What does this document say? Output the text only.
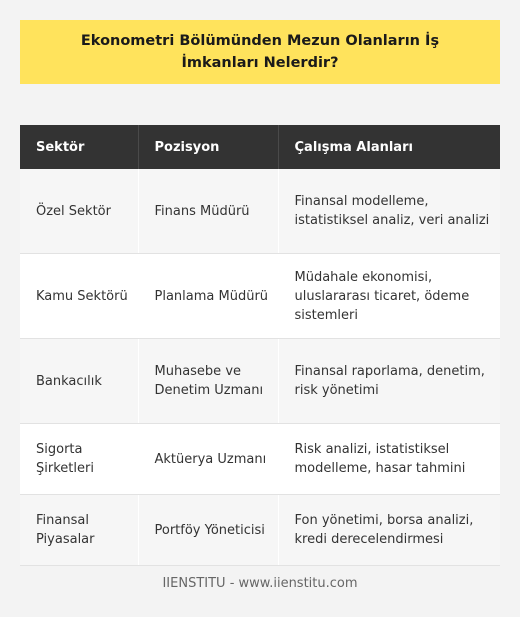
Ekonometri Bölümünden Mezun Olanların İş İmkanları Nelerdir?
Sektör	Pozisyon	Çalışma Alanları
Özel Sektör	Finans Müdürü	Finansal modelleme, istatistiksel analiz, veri analizi
Kamu Sektörü	Planlama Müdürü	Müdahale ekonomisi, uluslararası ticaret, ödeme sistemleri
Bankacılık	Muhasebe ve Denetim Uzmanı	Finansal raporlama, denetim, risk yönetimi
Sigorta Şirketleri	Aktüerya Uzmanı	Risk analizi, istatistiksel modelleme, hasar tahmini
Finansal Piyasalar	Portföy Yöneticisi	Fon yönetimi, borsa analizi, kredi derecelendirmesi
IIENSTITU - www.iienstitu.com
